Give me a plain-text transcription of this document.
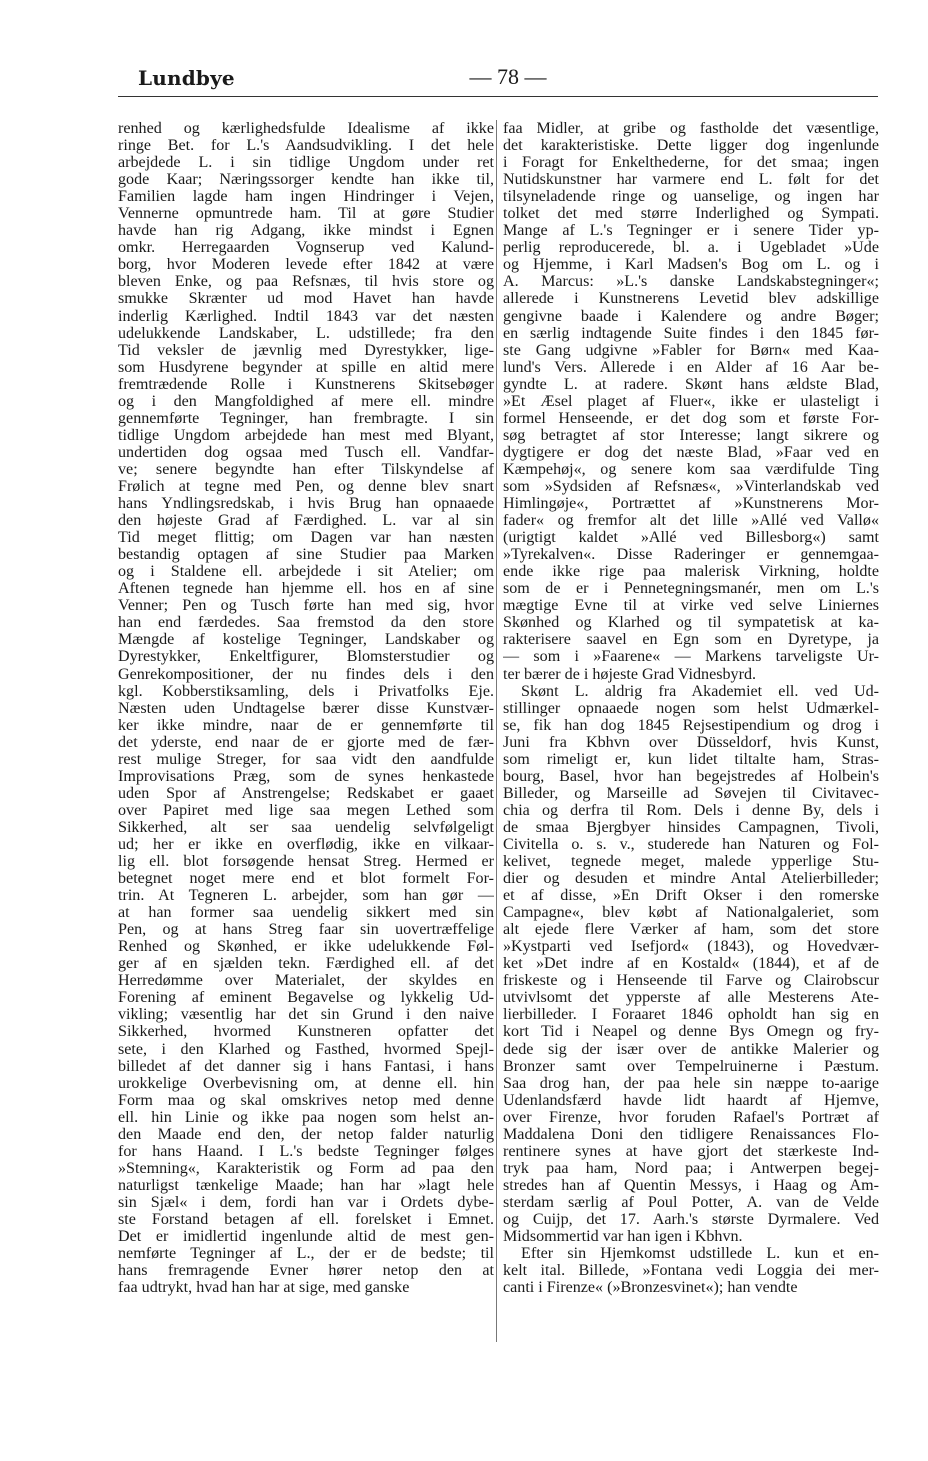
Lundbye	— 78 —
renhed og kærlighedsfulde Idealisme af ikke
ringe Bet. for L.'s Aandsudvikling. I det hele
arbejdede L. i sin tidlige Ungdom under ret
gode Kaar; Næringssorger kendte han ikke til,
Familien lagde ham ingen Hindringer i Vejen,
Vennerne opmuntrede ham. Til at gøre Studier
havde han rig Adgang, ikke mindst i Egnen
omkr. Herregaarden Vognserup ved Kalund-
borg, hvor Moderen levede efter 1842 at være
bleven Enke, og paa Refsnæs, til hvis store og
smukke Skrænter ud mod Havet han havde
inderlig Kærlighed. Indtil 1843 var det næsten
udelukkende Landskaber, L. udstillede; fra den
Tid veksler de jævnlig med Dyrestykker, lige-
som Husdyrene begynder at spille en altid mere
fremtrædende Rolle i Kunstnerens Skitsebøger
og i den Mangfoldighed af mere ell. mindre
gennemførte Tegninger, han frembragte. I sin
tidlige Ungdom arbejdede han mest med Blyant,
undertiden dog ogsaa med Tusch ell. Vandfar-
ve; senere begyndte han efter Tilskyndelse af
Frølich at tegne med Pen, og denne blev snart
hans Yndlingsredskab, i hvis Brug han opnaaede
den højeste Grad af Færdighed. L. var al sin
Tid meget flittig; om Dagen var han næsten
bestandig optagen af sine Studier paa Marken
og i Staldene ell. arbejdede i sit Atelier; om
Aftenen tegnede han hjemme ell. hos en af sine
Venner; Pen og Tusch førte han med sig, hvor
han end færdedes. Saa fremstod da den store
Mængde af kostelige Tegninger, Landskaber og
Dyrestykker, Enkeltfigurer, Blomsterstudier og
Genrekompositioner, der nu findes dels i den
kgl. Kobberstiksamling, dels i Privatfolks Eje.
Næsten uden Undtagelse bærer disse Kunstvær-
ker ikke mindre, naar de er gennemførte til
det yderste, end naar de er gjorte med de fær-
rest mulige Streger, for saa vidt den aandfulde
Improvisations Præg, som de synes henkastede
uden Spor af Anstrengelse; Redskabet er gaaet
over Papiret med lige saa megen Lethed som
Sikkerhed, alt ser saa uendelig selvfølgeligt
ud; her er ikke en overflødig, ikke en vilkaar-
lig ell. blot forsøgende hensat Streg. Hermed er
betegnet noget mere end et blot formelt For-
trin. At Tegneren L. arbejder, som han gør —
at han former saa uendelig sikkert med sin
Pen, og at hans Streg faar sin uovertræffelige
Renhed og Skønhed, er ikke udelukkende Føl-
ger af en sjælden tekn. Færdighed ell. af det
Herredømme over Materialet, der skyldes en
Forening af eminent Begavelse og lykkelig Ud-
vikling; væsentlig har det sin Grund i den naive
Sikkerhed, hvormed Kunstneren opfatter det
sete, i den Klarhed og Fasthed, hvormed Spejl-
billedet af det danner sig i hans Fantasi, i hans
urokkelige Overbevisning om, at denne ell. hin
Form maa og skal omskrives netop med denne
ell. hin Linie og ikke paa nogen som helst an-
den Maade end den, der netop falder naturlig
for hans Haand. I L.'s bedste Tegninger følges
»Stemning«, Karakteristik og Form ad paa den
naturligst tænkelige Maade; han har »lagt hele
sin Sjæl« i dem, fordi han var i Ordets dybe-
ste Forstand betagen af ell. forelsket i Emnet.
Det er imidlertid ingenlunde altid de mest gen-
nemførte Tegninger af L., der er de bedste; til
hans fremragende Evner hører netop den at
faa udtrykt, hvad han har at sige, med ganske
faa Midler, at gribe og fastholde det væsentlige,
det karakteristiske. Dette ligger dog ingenlunde
i Foragt for Enkelthederne, for det smaa; ingen
Nutidskunstner har varmere end L. følt for det
tilsyneladende ringe og uanselige, og ingen har
tolket det med større Inderlighed og Sympati.
Mange af L.'s Tegninger er i senere Tider yp-
perlig reproducerede, bl. a. i Ugebladet »Ude
og Hjemme, i Karl Madsen's Bog om L. og i
A. Marcus: »L.'s danske Landskabstegninger«;
allerede i Kunstnerens Levetid blev adskillige
gengivne baade i Kalendere og andre Bøger;
en særlig indtagende Suite findes i den 1845 før-
ste Gang udgivne »Fabler for Børn« med Kaa-
lund's Vers. Allerede i en Alder af 16 Aar be-
gyndte L. at radere. Skønt hans ældste Blad,
»Et Æsel plaget af Fluer«, ikke er ulasteligt i
formel Henseende, er det dog som et første For-
søg betragtet af stor Interesse; langt sikrere og
dygtigere er dog det næste Blad, »Faar ved en
Kæmpehøj«, og senere kom saa værdifulde Ting
som »Sydsiden af Refsnæs«, »Vinterlandskab ved
Himlingøje«, Portrættet af »Kunstnerens Mor-
fader« og fremfor alt det lille »Allé ved Vallø«
(urigtigt kaldet »Allé ved Billesborg«) samt
»Tyrekalven«. Disse Raderinger er gennemgaa-
ende ikke rige paa malerisk Virkning, holdte
som de er i Pennetegningsmanér, men om L.'s
mægtige Evne til at virke ved selve Liniernes
Skønhed og Klarhed og til sympatetisk at ka-
rakterisere saavel en Egn som en Dyretype, ja
— som i »Faarene« — Markens tarveligste Ur-
ter bærer de i højeste Grad Vidnesbyrd.
Skønt L. aldrig fra Akademiet ell. ved Ud-
stillinger opnaaede nogen som helst Udmærkel-
se, fik han dog 1845 Rejsestipendium og drog i
Juni fra Kbhvn over Düsseldorf, hvis Kunst,
som rimeligt er, kun lidet tiltalte ham, Stras-
bourg, Basel, hvor han begejstredes af Holbein's
Billeder, og Marseille ad Søvejen til Civitavec-
chia og derfra til Rom. Dels i denne By, dels i
de smaa Bjergbyer hinsides Campagnen, Tivoli,
Civitella o. s. v., studerede han Naturen og Fol-
kelivet, tegnede meget, malede ypperlige Stu-
dier og desuden et mindre Antal Atelierbilleder;
et af disse, »En Drift Okser i den romerske
Campagne«, blev købt af Nationalgaleriet, som
alt ejede flere Værker af ham, som det store
»Kystparti ved Isefjord« (1843), og Hovedvær-
ket »Det indre af en Kostald« (1844), et af de
friskeste og i Henseende til Farve og Clairobscur
utvivlsomt det ypperste af alle Mesterens Ate-
lierbilleder. I Foraaret 1846 opholdt han sig en
kort Tid i Neapel og denne Bys Omegn og fry-
dede sig der især over de antikke Malerier og
Bronzer samt over Tempelruinerne i Pæstum.
Saa drog han, der paa hele sin næppe to-aarige
Udenlandsfærd havde lidt haardt af Hjemve,
over Firenze, hvor foruden Rafael's Portræt af
Maddalena Doni den tidligere Renaissances Flo-
rentinere synes at have gjort det stærkeste Ind-
tryk paa ham, Nord paa; i Antwerpen begej-
stredes han af Quentin Messys, i Haag og Am-
sterdam særlig af Poul Potter, A. van de Velde
og Cuijp, det 17. Aarh.'s største Dyrmalere. Ved
Midsommertid var han igen i Kbhvn.
Efter sin Hjemkomst udstillede L. kun et en-
kelt ital. Billede, »Fontana vedi Loggia dei mer-
canti i Firenze« (»Bronzesvinet«); han vendte
